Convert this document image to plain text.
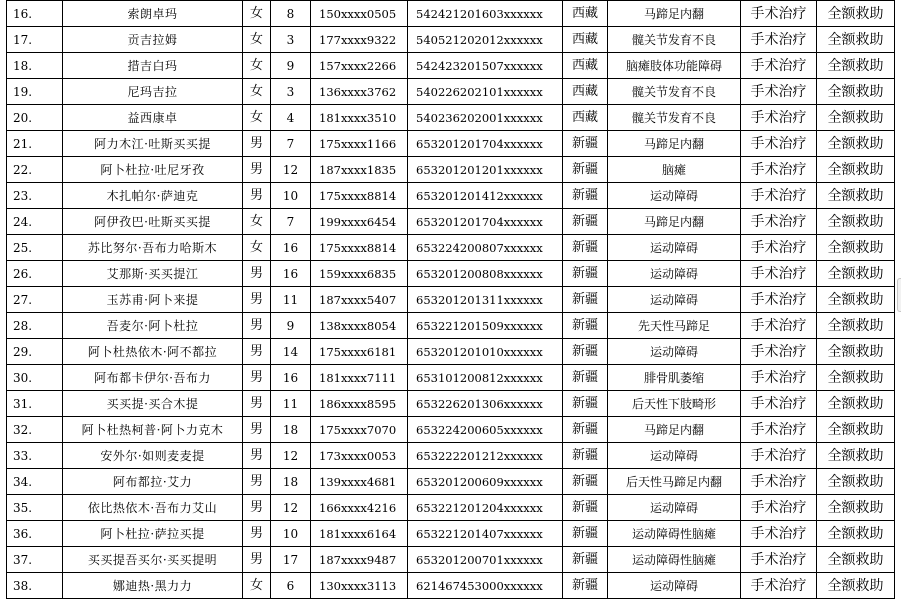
16.	索朗卓玛	女	8	150xxxx0505	542421201603xxxxxx	西藏	马蹄足内翻	手术治疗	全额救助
17.	贡吉拉姆	女	3	177xxxx9322	540521202012xxxxxx	西藏	髋关节发育不良	手术治疗	全额救助
18.	措吉白玛	女	9	157xxxx2266	542423201507xxxxxx	西藏	脑瘫肢体功能障碍	手术治疗	全额救助
19.	尼玛吉拉	女	3	136xxxx3762	540226202101xxxxxx	西藏	髋关节发育不良	手术治疗	全额救助
20.	益西康卓	女	4	181xxxx3510	540236202001xxxxxx	西藏	髋关节发育不良	手术治疗	全额救助
21.	阿力木江·吐斯买买提	男	7	175xxxx1166	653201201704xxxxxx	新疆	马蹄足内翻	手术治疗	全额救助
22.	阿卜杜拉·吐尼牙孜	男	12	187xxxx1835	653201201201xxxxxx	新疆	脑瘫	手术治疗	全额救助
23.	木扎帕尔·萨迪克	男	10	175xxxx8814	653201201412xxxxxx	新疆	运动障碍	手术治疗	全额救助
24.	阿伊孜巴·吐斯买买提	女	7	199xxxx6454	653201201704xxxxxx	新疆	马蹄足内翻	手术治疗	全额救助
25.	苏比努尔·吾布力哈斯木	女	16	175xxxx8814	653224200807xxxxxx	新疆	运动障碍	手术治疗	全额救助
26.	艾那斯·买买提江	男	16	159xxxx6835	653201200808xxxxxx	新疆	运动障碍	手术治疗	全额救助
27.	玉苏甫·阿卜来提	男	11	187xxxx5407	653201201311xxxxxx	新疆	运动障碍	手术治疗	全额救助
28.	吾麦尔·阿卜杜拉	男	9	138xxxx8054	653221201509xxxxxx	新疆	先天性马蹄足	手术治疗	全额救助
29.	阿卜杜热依木·阿不都拉	男	14	175xxxx6181	653201201010xxxxxx	新疆	运动障碍	手术治疗	全额救助
30.	阿布都卡伊尔·吾布力	男	16	181xxxx7111	653101200812xxxxxx	新疆	腓骨肌萎缩	手术治疗	全额救助
31.	买买提·买合木提	男	11	186xxxx8595	653226201306xxxxxx	新疆	后天性下肢畸形	手术治疗	全额救助
32.	阿卜杜热柯普·阿卜力克木	男	18	175xxxx7070	653224200605xxxxxx	新疆	马蹄足内翻	手术治疗	全额救助
33.	安外尔·如则麦麦提	男	12	173xxxx0053	653222201212xxxxxx	新疆	运动障碍	手术治疗	全额救助
34.	阿布都拉·艾力	男	18	139xxxx4681	653201200609xxxxxx	新疆	后天性马蹄足内翻	手术治疗	全额救助
35.	依比热依木·吾布力艾山	男	12	166xxxx4216	653221201204xxxxxx	新疆	运动障碍	手术治疗	全额救助
36.	阿卜杜拉·萨拉买提	男	10	181xxxx6164	653221201407xxxxxx	新疆	运动障碍性脑瘫	手术治疗	全额救助
37.	买买提吾买尔·买买提明	男	17	187xxxx9487	653201200701xxxxxx	新疆	运动障碍性脑瘫	手术治疗	全额救助
38.	娜迪热·黑力力	女	6	130xxxx3113	621467453000xxxxxx	新疆	运动障碍	手术治疗	全额救助
